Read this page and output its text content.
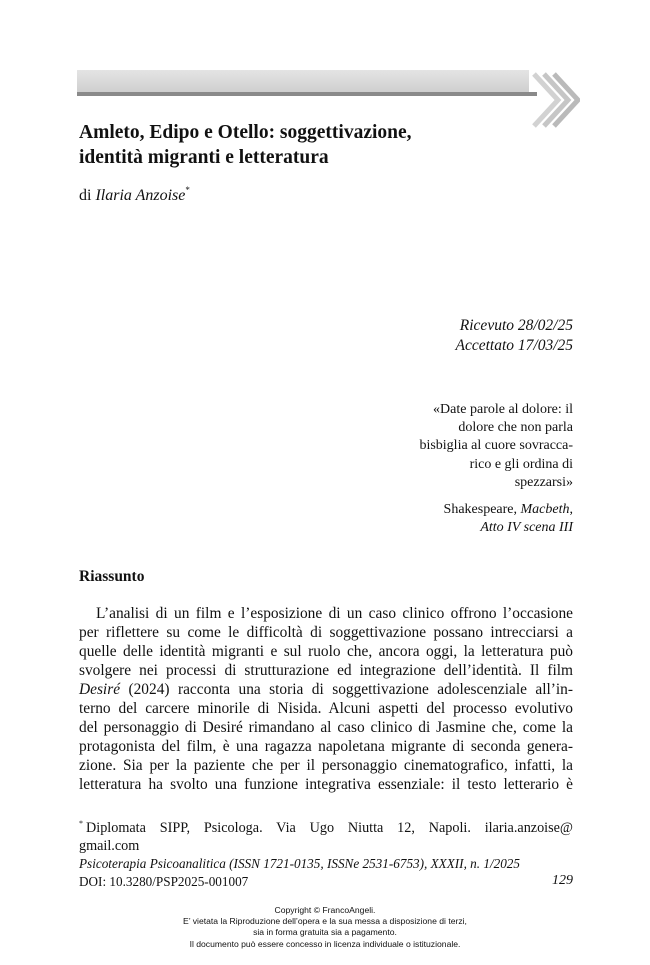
Amleto, Edipo e Otello: soggettivazione,
identità migranti e letteratura
di Ilaria Anzoise*
Ricevuto 28/02/25
Accettato 17/03/25
«Date parole al dolore: il
dolore che non parla
bisbiglia al cuore sovracca-
rico e gli ordina di
spezzarsi»
Shakespeare, Macbeth,
Atto IV scena III
Riassunto

L’analisi di un film e l’esposizione di un caso clinico offrono l’occasione
per riflettere su come le difficoltà di soggettivazione possano intrecciarsi a
quelle delle identità migranti e sul ruolo che, ancora oggi, la letteratura può
svolgere nei processi di strutturazione ed integrazione dell’identità. Il film
Desiré (2024) racconta una storia di soggettivazione adolescenziale all’in-
terno del carcere minorile di Nisida. Alcuni aspetti del processo evolutivo
del personaggio di Desiré rimandano al caso clinico di Jasmine che, come la
protagonista del film, è una ragazza napoletana migrante di seconda genera-
zione. Sia per la paziente che per il personaggio cinematografico, infatti, la
letteratura ha svolto una funzione integrativa essenziale: il testo letterario è

* Diplomata SIPP, Psicologa. Via Ugo Niutta 12, Napoli. ilaria.anzoise@
gmail.com
Psicoterapia Psicoanalitica (ISSN 1721-0135, ISSNe 2531-6753), XXXII, n. 1/2025
DOI: 10.3280/PSP2025-001007	129
Copyright © FrancoAngeli.
E’ vietata la Riproduzione dell’opera e la sua messa a disposizione di terzi,
sia in forma gratuita sia a pagamento.
Il documento può essere concesso in licenza individuale o istituzionale.
